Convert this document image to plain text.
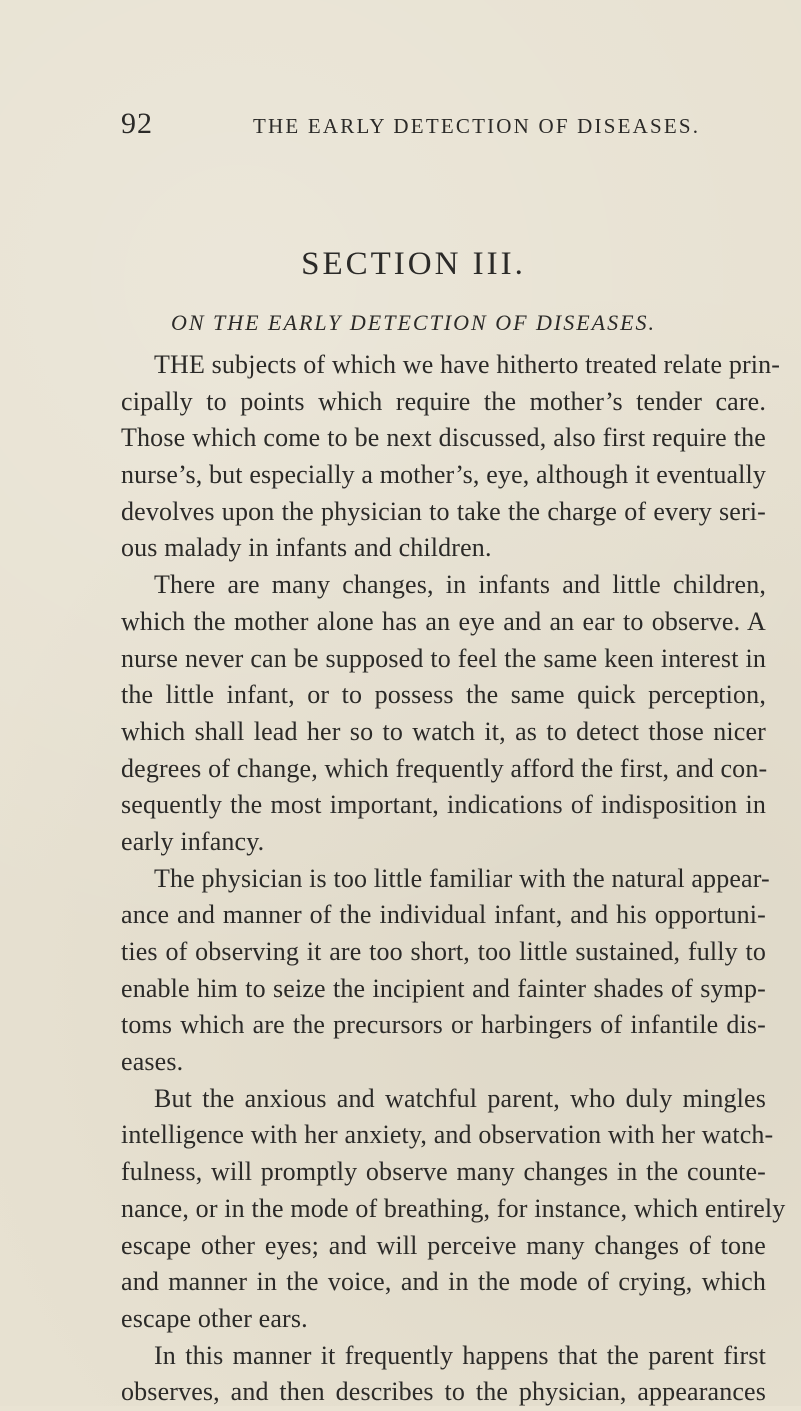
92	THE EARLY DETECTION OF DISEASES.
SECTION III.
ON THE EARLY DETECTION OF DISEASES.
THE subjects of which we have hitherto treated relate prin-
cipally to points which require the mother’s tender care.
Those which come to be next discussed, also first require the
nurse’s, but especially a mother’s, eye, although it eventually
devolves upon the physician to take the charge of every seri-
ous malady in infants and children.
There are many changes, in infants and little children,
which the mother alone has an eye and an ear to observe. A
nurse never can be supposed to feel the same keen interest in
the little infant, or to possess the same quick perception,
which shall lead her so to watch it, as to detect those nicer
degrees of change, which frequently afford the first, and con-
sequently the most important, indications of indisposition in
early infancy.
The physician is too little familiar with the natural appear-
ance and manner of the individual infant, and his opportuni-
ties of observing it are too short, too little sustained, fully to
enable him to seize the incipient and fainter shades of symp-
toms which are the precursors or harbingers of infantile dis-
eases.
But the anxious and watchful parent, who duly mingles
intelligence with her anxiety, and observation with her watch-
fulness, will promptly observe many changes in the counte-
nance, or in the mode of breathing, for instance, which entirely
escape other eyes; and will perceive many changes of tone
and manner in the voice, and in the mode of crying, which
escape other ears.
In this manner it frequently happens that the parent first
observes, and then describes to the physician, appearances
